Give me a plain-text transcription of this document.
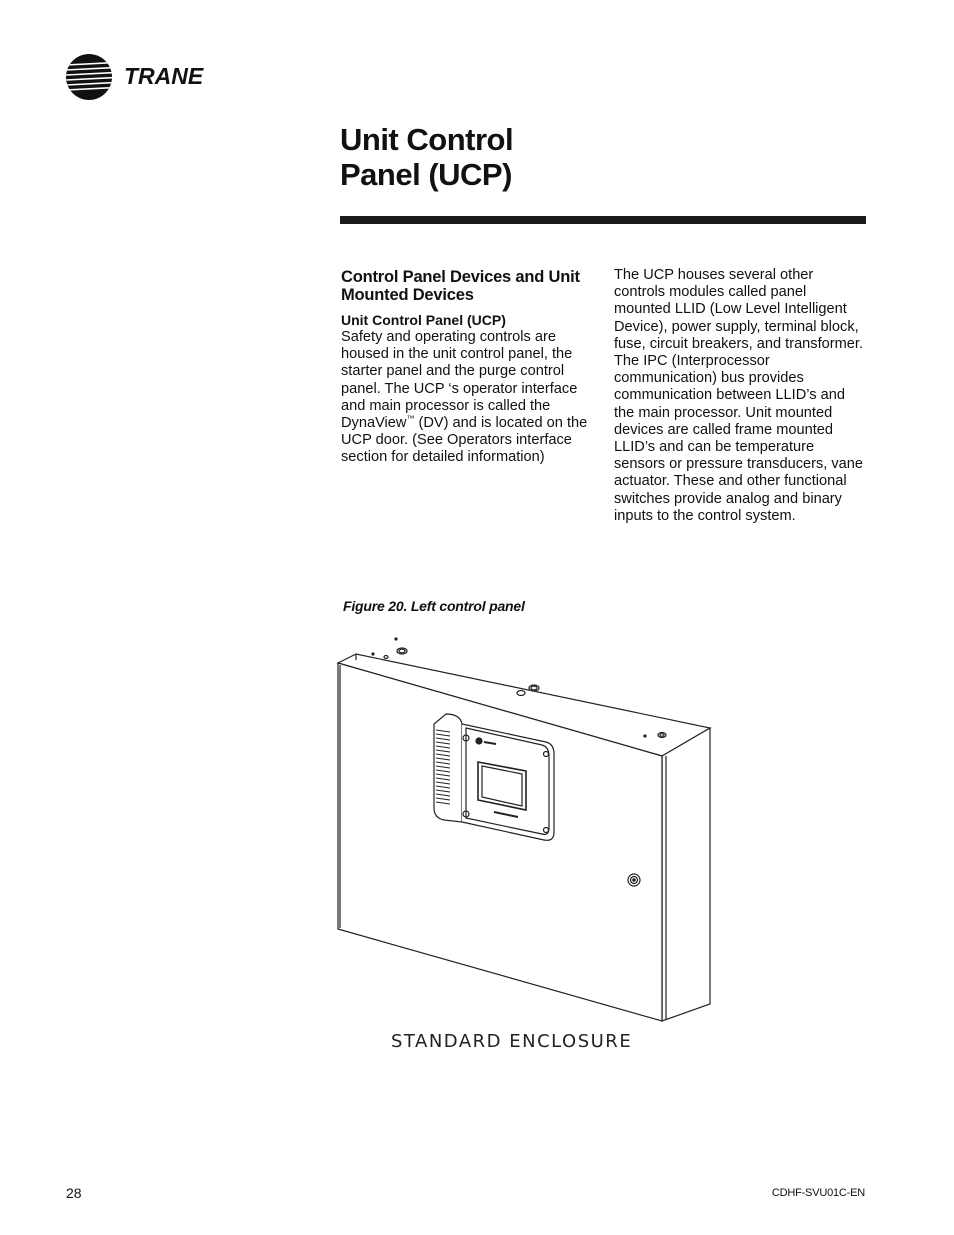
TRANE
Unit Control
Panel (UCP)

Control Panel Devices and Unit Mounted Devices

Unit Control Panel (UCP)

Safety and operating controls are housed in the unit control panel, the starter panel and the purge control panel. The UCP ‘s operator interface and main processor is called the DynaView™ (DV) and is located on the UCP door. (See Operators interface section for detailed information)

The UCP houses several other controls modules called panel mounted LLID (Low Level Intelligent Device), power supply, terminal block, fuse, circuit breakers, and transformer. The IPC (Interprocessor communication) bus provides communication between LLID’s and the main processor. Unit mounted devices are called frame mounted LLID’s and can be temperature sensors or pressure transducers, vane actuator. These and other functional switches provide analog and binary inputs to the control system.

Figure 20. Left control panel
STANDARD ENCLOSURE
28	CDHF-SVU01C-EN
